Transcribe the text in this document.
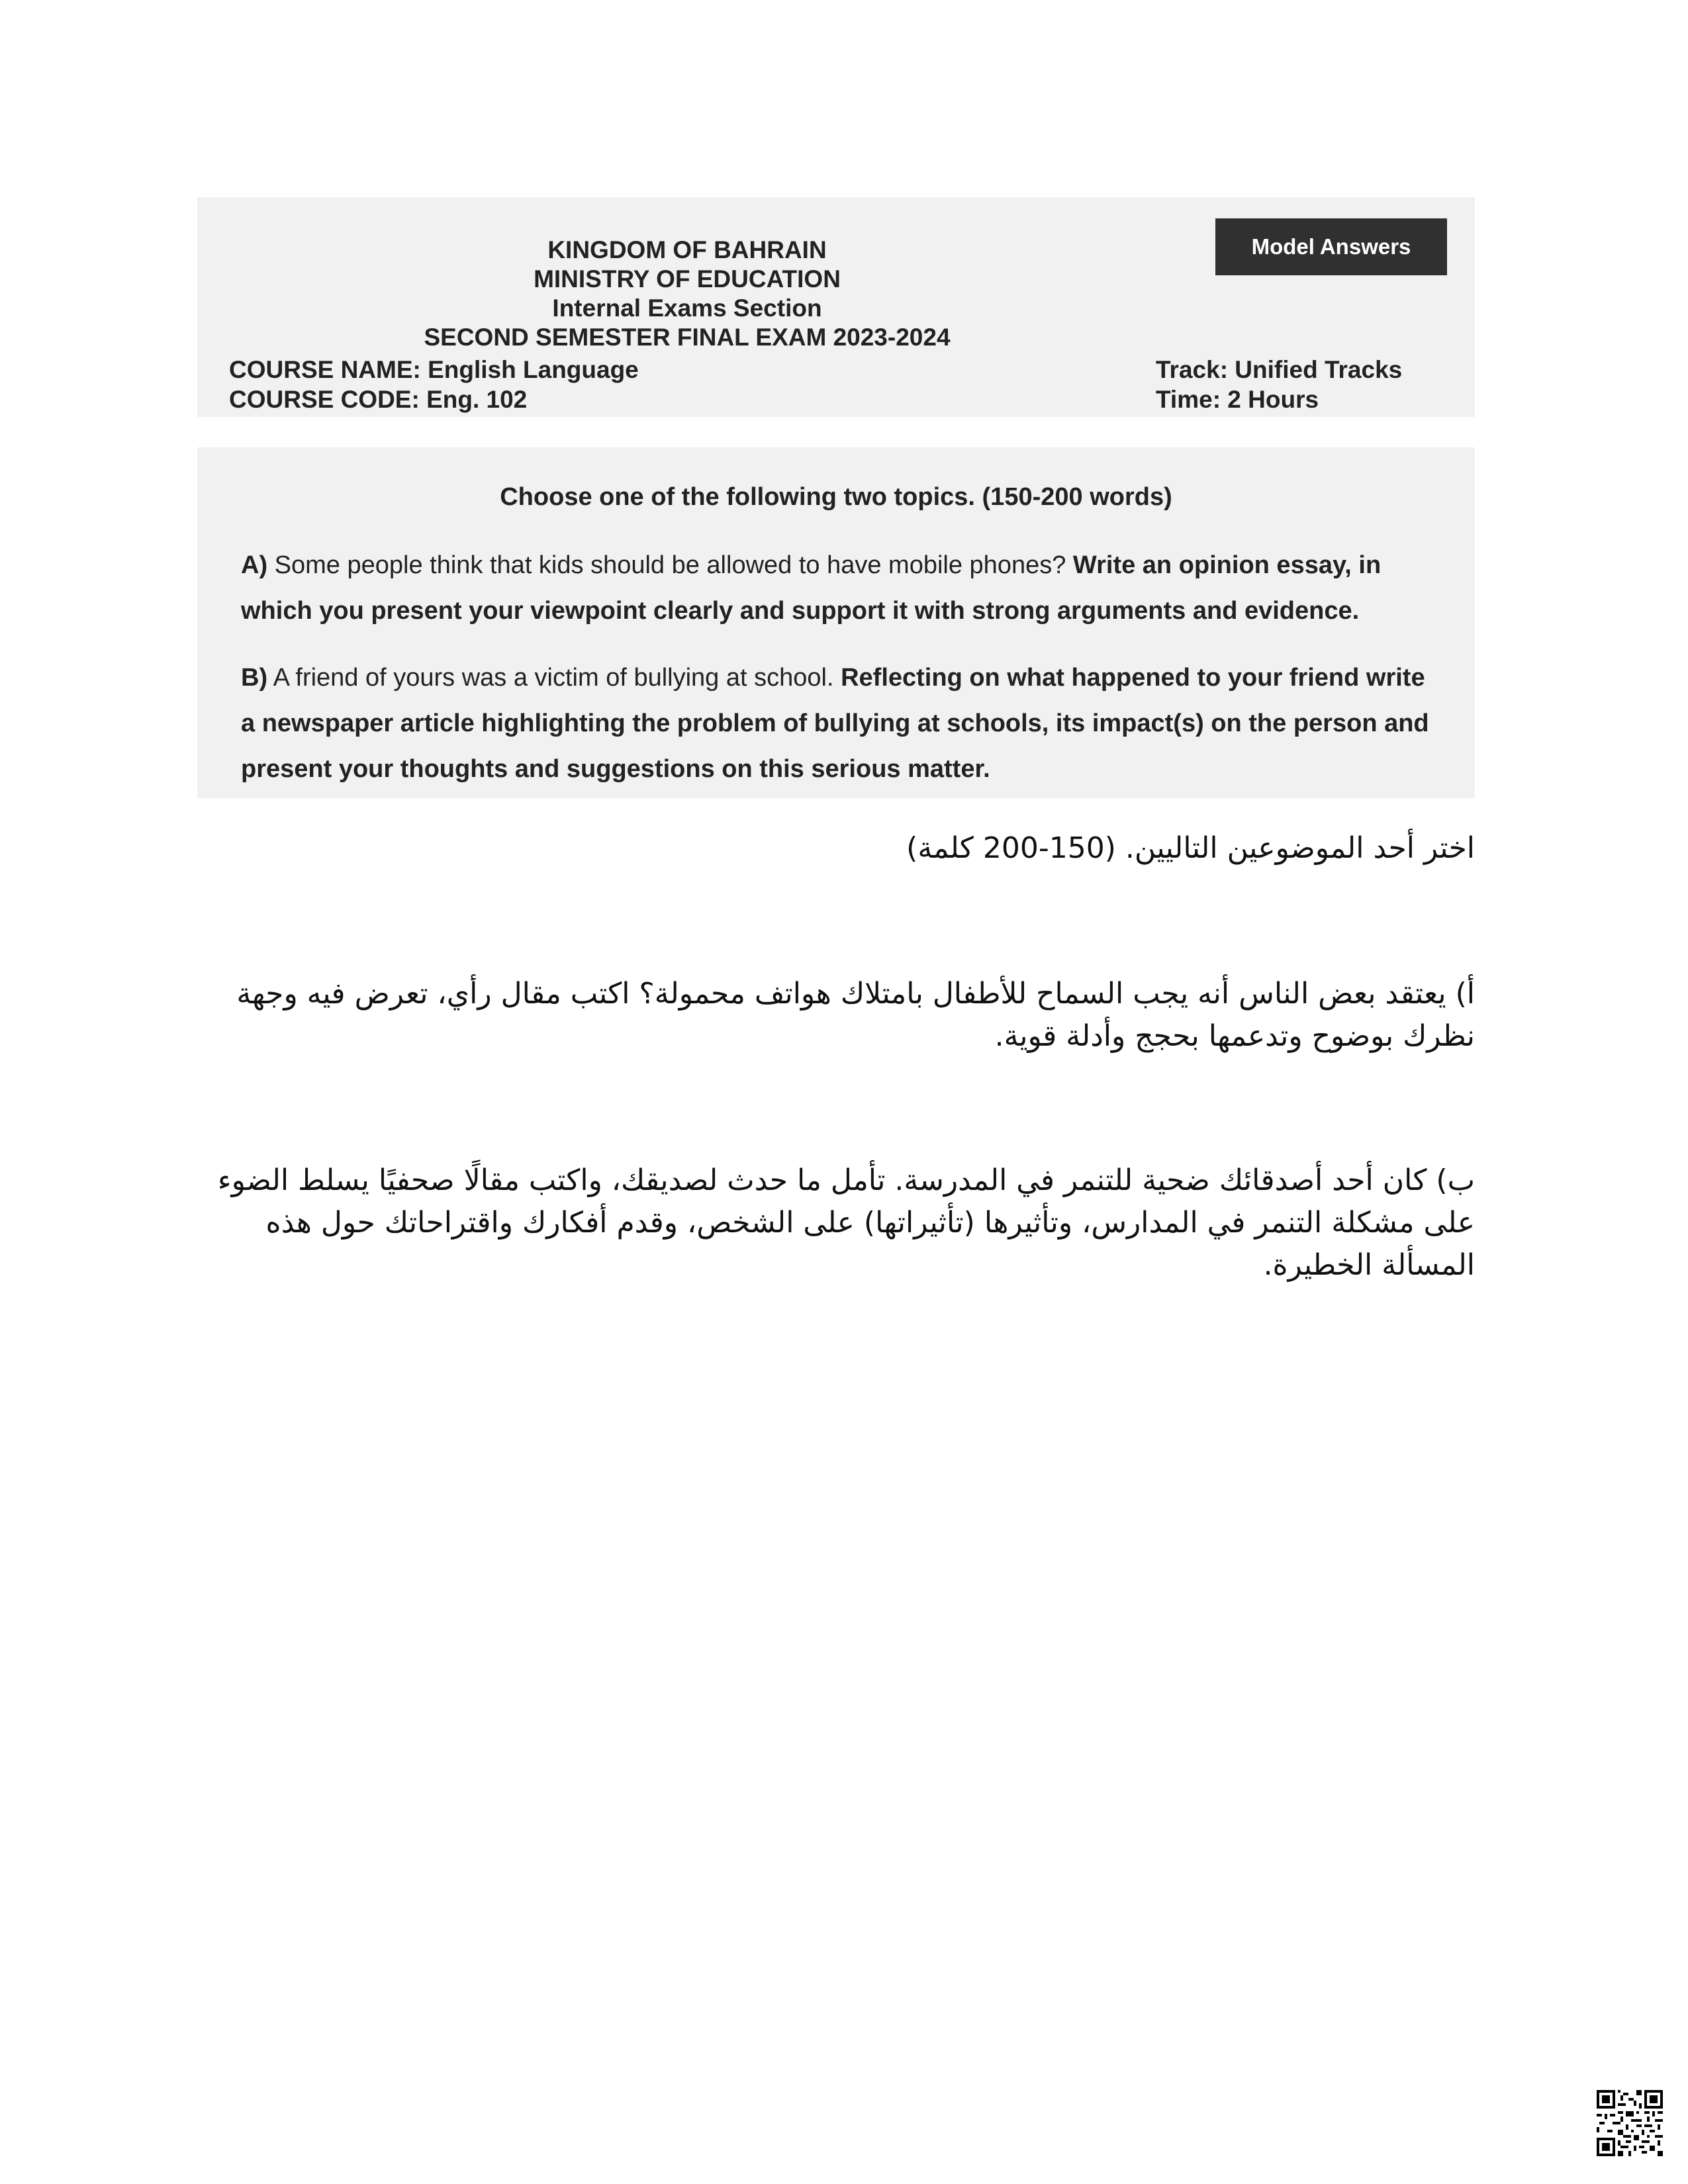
KINGDOM OF BAHRAIN
MINISTRY OF EDUCATION
Internal Exams Section
SECOND SEMESTER FINAL EXAM 2023-2024
Model Answers
COURSE NAME: English Language
COURSE CODE: Eng. 102
Track: Unified Tracks
Time: 2 Hours
Choose one of the following two topics. (150-200 words)
A) Some people think that kids should be allowed to have mobile phones? Write an opinion essay, in which you present your viewpoint clearly and support it with strong arguments and evidence.
B) A friend of yours was a victim of bullying at school. Reflecting on what happened to your friend write a newspaper article highlighting the problem of bullying at schools, its impact(s) on the person and present your thoughts and suggestions on this serious matter.
اختر أحد الموضوعين التاليين. (150-200 كلمة)
أ) يعتقد بعض الناس أنه يجب السماح للأطفال بامتلاك هواتف محمولة؟ اكتب مقال رأي، تعرض فيه وجهة نظرك بوضوح وتدعمها بحجج وأدلة قوية.
ب) كان أحد أصدقائك ضحية للتنمر في المدرسة. تأمل ما حدث لصديقك، واكتب مقالًا صحفيًا يسلط الضوء على مشكلة التنمر في المدارس، وتأثيرها (تأثيراتها) على الشخص، وقدم أفكارك واقتراحاتك حول هذه المسألة الخطيرة.
